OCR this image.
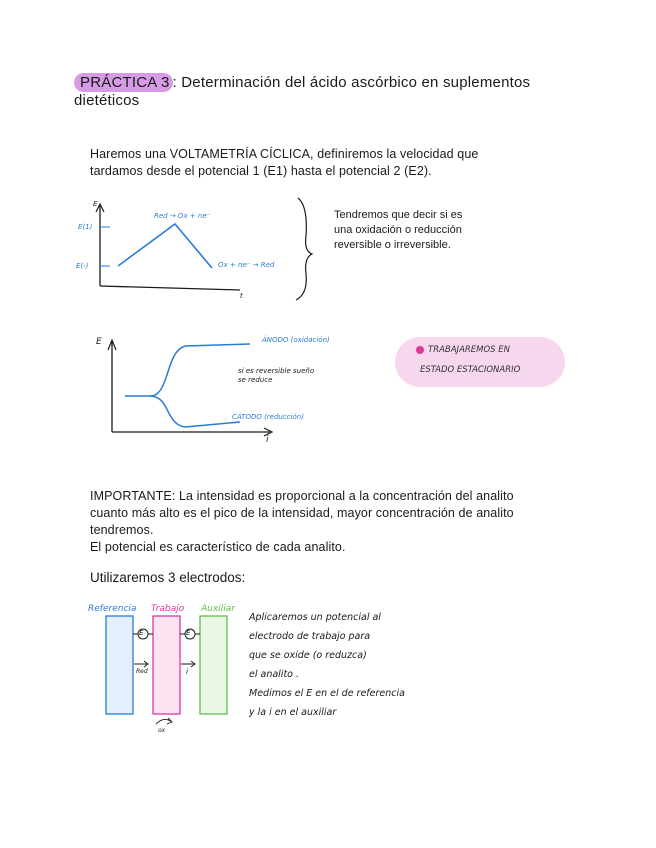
PRÁCTICA 3 : Determinación del ácido ascórbico en suplementos
dietéticos
Haremos una VOLTAMETRÍA CÍCLICA, definiremos la velocidad que
tardamos desde el potencial 1 (E1) hasta el potencial 2 (E2).
E
t
E(1)
E(-)
Red → Ox + ne⁻
Ox + ne⁻ → Red
Tendremos que decir si es
una oxidación o reducción
reversible o irreversible.
E
i
ÁNODO (oxidación)
CÁTODO (reducción)
si es reversible sueño
se reduce
TRABAJAREMOS EN
ESTADO ESTACIONARIO
IMPORTANTE: La intensidad es proporcional a la concentración del analito
cuanto más alto es el pico de la intensidad, mayor concentración de analito
tendremos.
El potencial es característico de cada analito.
Utilizaremos 3 electrodos:
Referencia Trabajo Auxiliar
E	E
Red	i
ox
Aplicaremos un potencial al
electrodo de trabajo para
que se oxide (o reduzca)
el analito .
Medimos el E en el de referencia
y la i en el auxiliar
